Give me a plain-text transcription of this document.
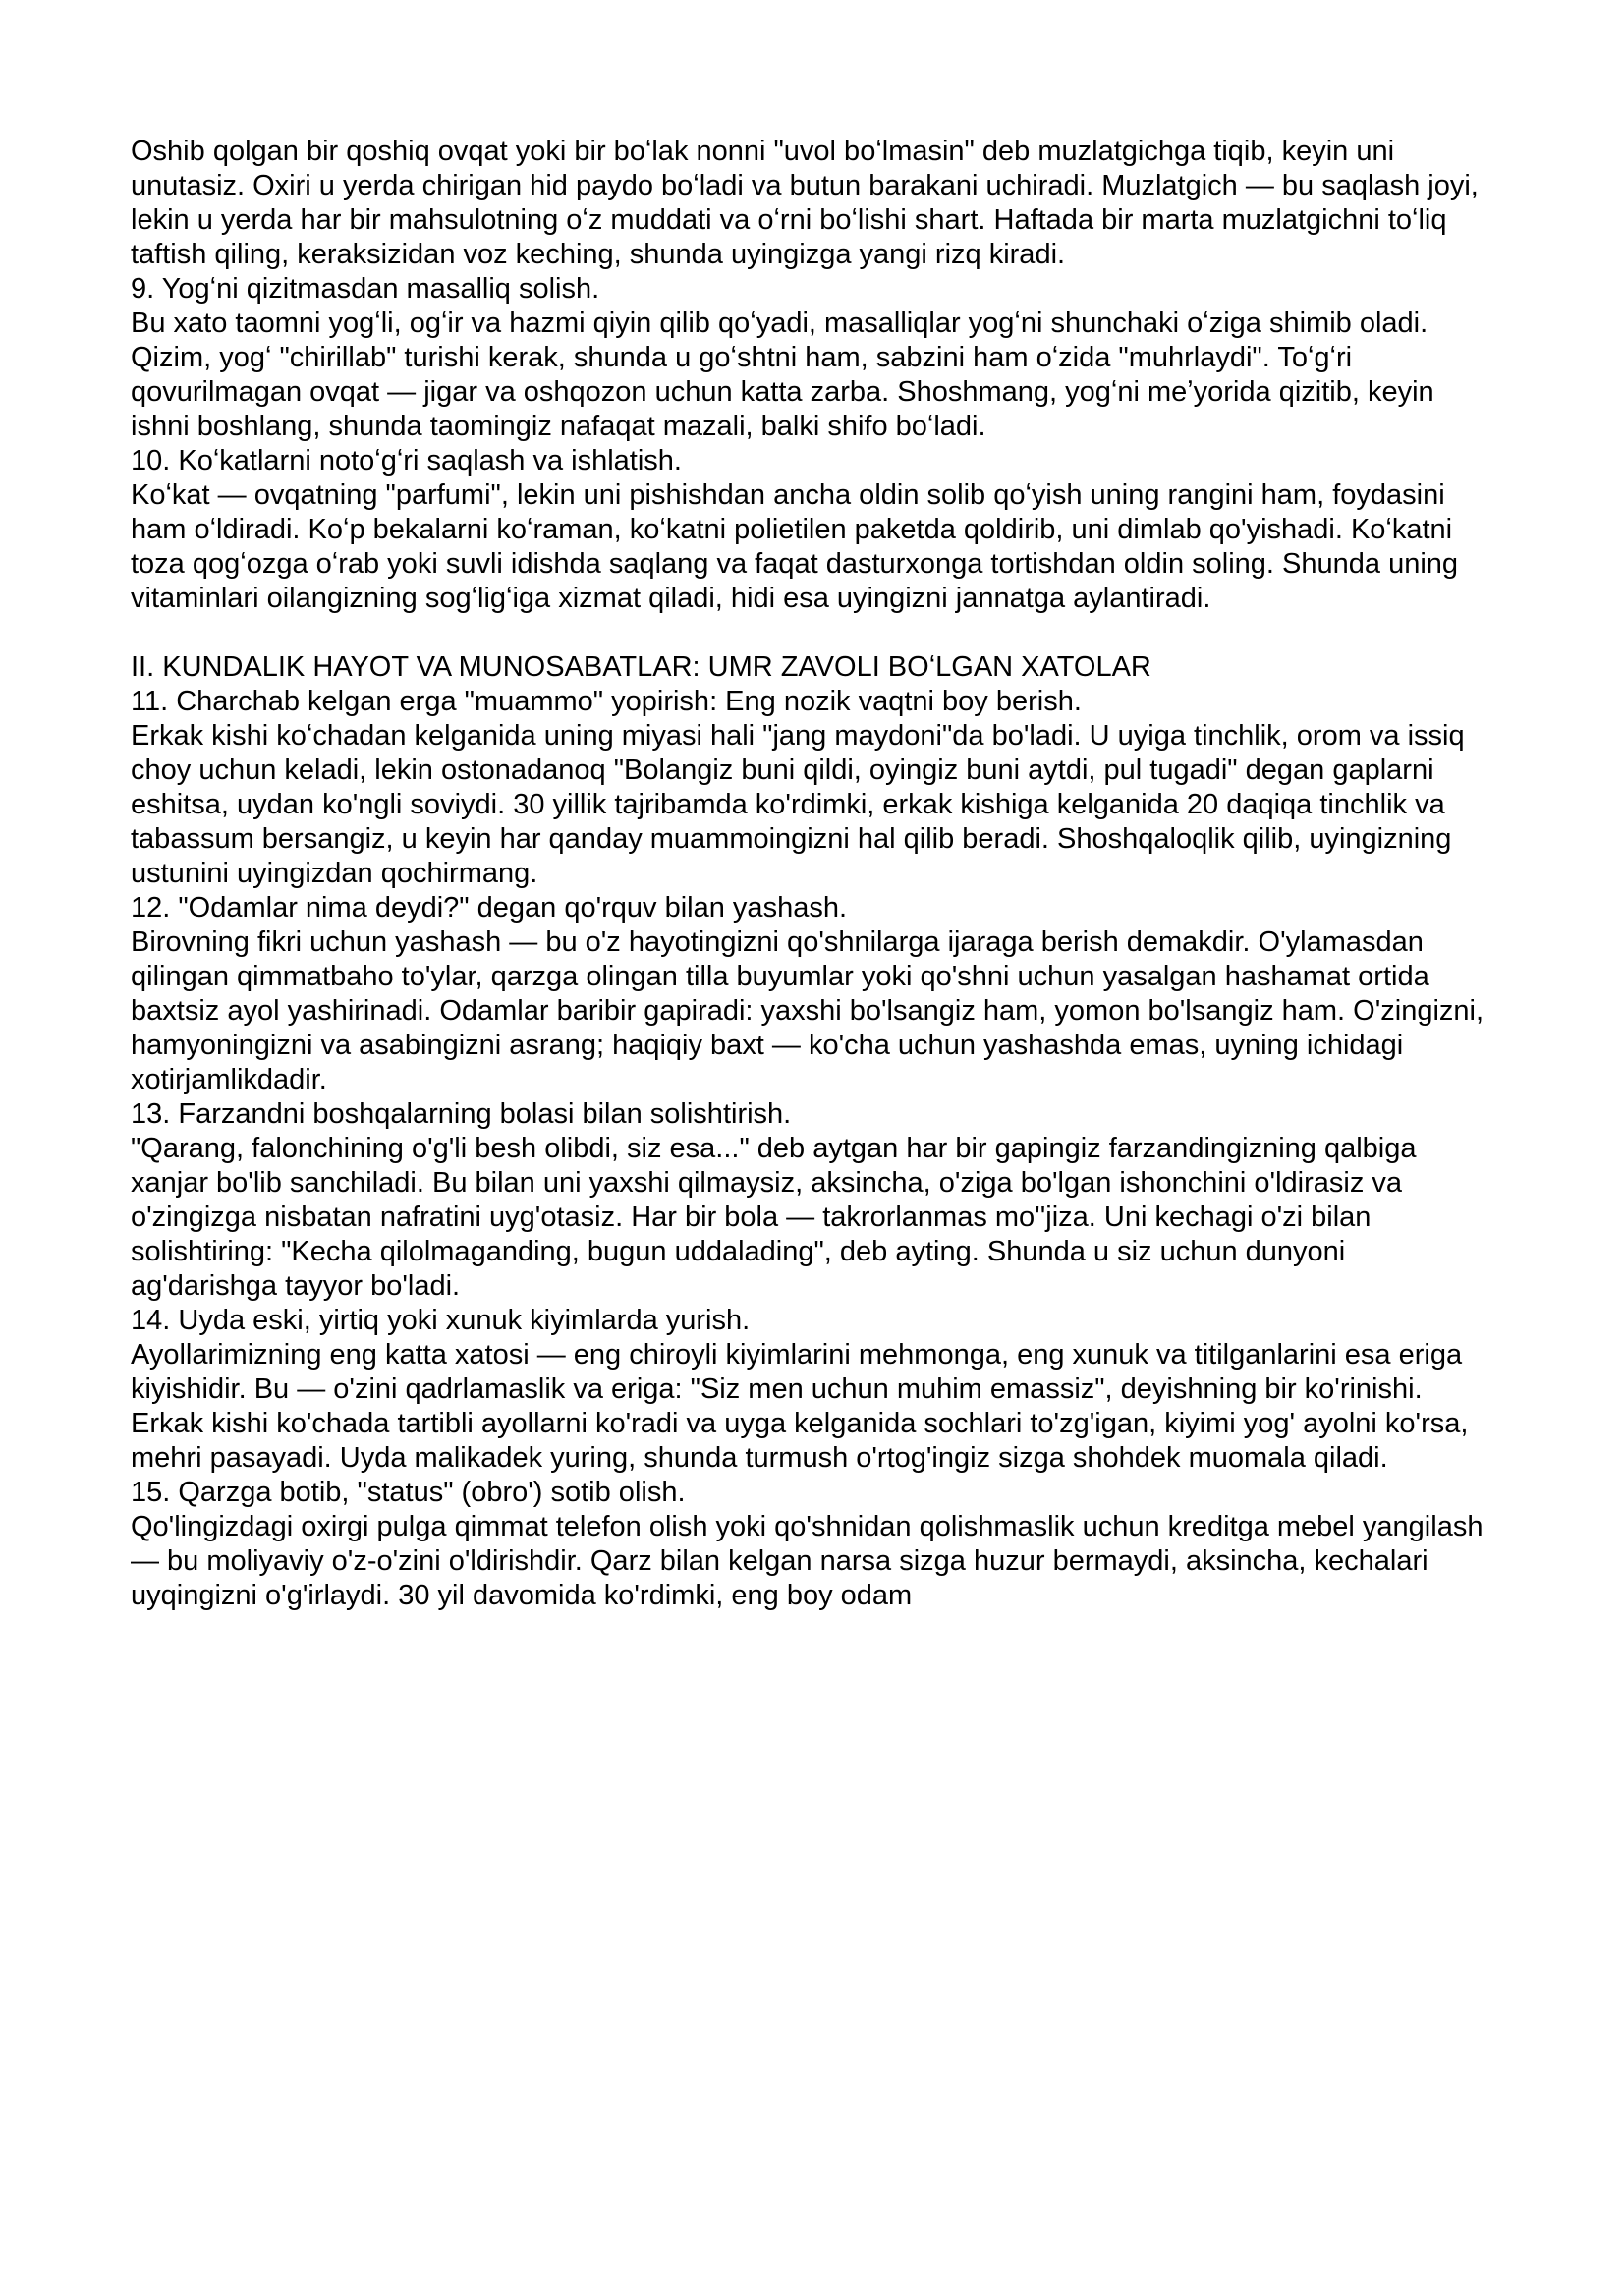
Oshib qolgan bir qoshiq ovqat yoki bir boʻlak nonni "uvol boʻlmasin" deb muzlatgichga tiqib, keyin uni unutasiz. Oxiri u yerda chirigan hid paydo boʻladi va butun barakani uchiradi. Muzlatgich — bu saqlash joyi, lekin u yerda har bir mahsulotning oʻz muddati va oʻrni boʻlishi shart. Haftada bir marta muzlatgichni toʻliq taftish qiling, keraksizidan voz keching, shunda uyingizga yangi rizq kiradi.

9. Yogʻni qizitmasdan masalliq solish.

Bu xato taomni yogʻli, ogʻir va hazmi qiyin qilib qoʻyadi, masalliqlar yogʻni shunchaki oʻziga shimib oladi. Qizim, yogʻ "chirillab" turishi kerak, shunda u goʻshtni ham, sabzini ham oʻzida "muhrlaydi". Toʻgʻri qovurilmagan ovqat — jigar va oshqozon uchun katta zarba. Shoshmang, yogʻni meʼyorida qizitib, keyin ishni boshlang, shunda taomingiz nafaqat mazali, balki shifo boʻladi.

10. Koʻkatlarni notoʻgʻri saqlash va ishlatish.

Koʻkat — ovqatning "parfumi", lekin uni pishishdan ancha oldin solib qoʻyish uning rangini ham, foydasini ham oʻldiradi. Koʻp bekalarni koʻraman, koʻkatni polietilen paketda qoldirib, uni dimlab qo'yishadi. Koʻkatni toza qogʻozga oʻrab yoki suvli idishda saqlang va faqat dasturxonga tortishdan oldin soling. Shunda uning vitaminlari oilangizning sogʻligʻiga xizmat qiladi, hidi esa uyingizni jannatga aylantiradi.

II. KUNDALIK HAYOT VA MUNOSABATLAR: UMR ZAVOLI BOʻLGAN XATOLAR

11. Charchab kelgan erga "muammo" yopirish: Eng nozik vaqtni boy berish.

Erkak kishi koʻchadan kelganida uning miyasi hali "jang maydoni"da bo'ladi. U uyiga tinchlik, orom va issiq choy uchun keladi, lekin ostonadanoq "Bolangiz buni qildi, oyingiz buni aytdi, pul tugadi" degan gaplarni eshitsa, uydan ko'ngli soviydi. 30 yillik tajribamda ko'rdimki, erkak kishiga kelganida 20 daqiqa tinchlik va tabassum bersangiz, u keyin har qanday muammoingizni hal qilib beradi. Shoshqaloqlik qilib, uyingizning ustunini uyingizdan qochirmang.

12. "Odamlar nima deydi?" degan qo'rquv bilan yashash.

Birovning fikri uchun yashash — bu o'z hayotingizni qo'shnilarga ijaraga berish demakdir. O'ylamasdan qilingan qimmatbaho to'ylar, qarzga olingan tilla buyumlar yoki qo'shni uchun yasalgan hashamat ortida baxtsiz ayol yashirinadi. Odamlar baribir gapiradi: yaxshi bo'lsangiz ham, yomon bo'lsangiz ham. O'zingizni, hamyoningizni va asabingizni asrang; haqiqiy baxt — ko'cha uchun yashashda emas, uyning ichidagi xotirjamlikdadir.

13. Farzandni boshqalarning bolasi bilan solishtirish.

"Qarang, falonchining o'g'li besh olibdi, siz esa..." deb aytgan har bir gapingiz farzandingizning qalbiga xanjar bo'lib sanchiladi. Bu bilan uni yaxshi qilmaysiz, aksincha, o'ziga bo'lgan ishonchini o'ldirasiz va o'zingizga nisbatan nafratini uyg'otasiz. Har bir bola — takrorlanmas mo''jiza. Uni kechagi o'zi bilan solishtiring: "Kecha qilolmaganding, bugun uddalading", deb ayting. Shunda u siz uchun dunyoni ag'darishga tayyor bo'ladi.

14. Uyda eski, yirtiq yoki xunuk kiyimlarda yurish.

Ayollarimizning eng katta xatosi — eng chiroyli kiyimlarini mehmonga, eng xunuk va titilganlarini esa eriga kiyishidir. Bu — o'zini qadrlamaslik va eriga: "Siz men uchun muhim emassiz", deyishning bir ko'rinishi. Erkak kishi ko'chada tartibli ayollarni ko'radi va uyga kelganida sochlari to'zg'igan, kiyimi yog' ayolni ko'rsa, mehri pasayadi. Uyda malikadek yuring, shunda turmush o'rtog'ingiz sizga shohdek muomala qiladi.

15. Qarzga botib, "status" (obro') sotib olish.

Qo'lingizdagi oxirgi pulga qimmat telefon olish yoki qo'shnidan qolishmaslik uchun kreditga mebel yangilash — bu moliyaviy o'z-o'zini o'ldirishdir. Qarz bilan kelgan narsa sizga huzur bermaydi, aksincha, kechalari uyqingizni o'g'irlaydi. 30 yil davomida ko'rdimki, eng boy odam
